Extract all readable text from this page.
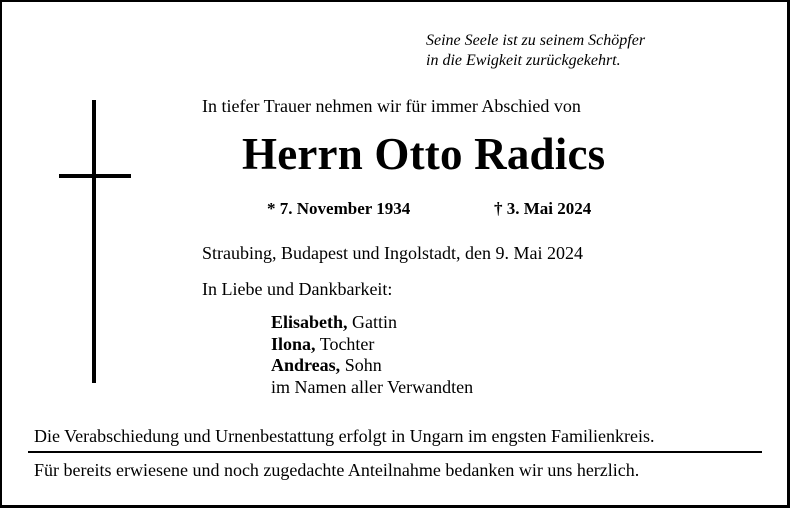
Seine Seele ist zu seinem Schöpfer
in die Ewigkeit zurückgekehrt.
In tiefer Trauer nehmen wir für immer Abschied von
Herrn Otto Radics
* 7. November 1934	† 3. Mai 2024
Straubing, Budapest und Ingolstadt, den 9. Mai 2024
In Liebe und Dankbarkeit:
Elisabeth, Gattin
Ilona, Tochter
Andreas, Sohn
im Namen aller Verwandten
Die Verabschiedung und Urnenbestattung erfolgt in Ungarn im engsten Familienkreis.
Für bereits erwiesene und noch zugedachte Anteilnahme bedanken wir uns herzlich.
